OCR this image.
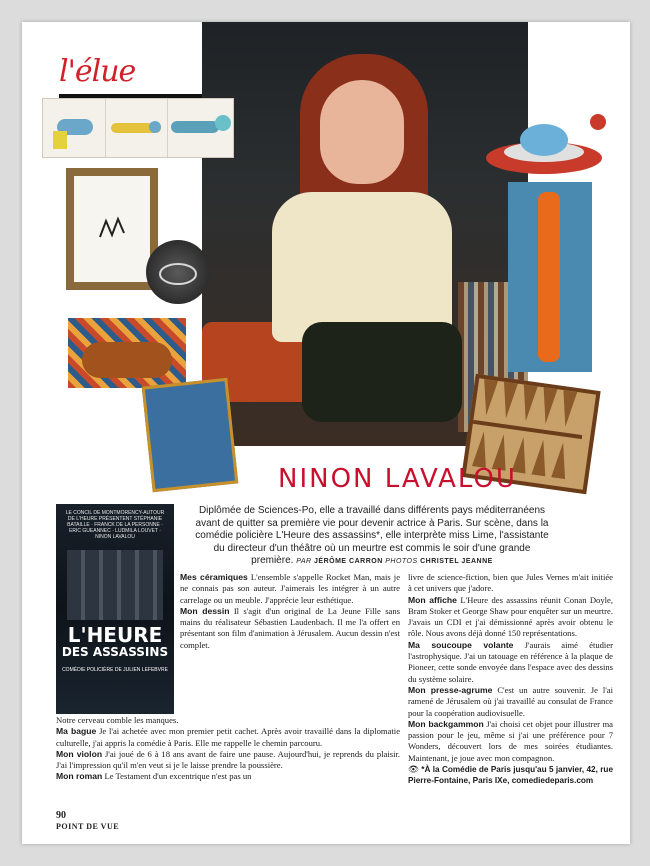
l'élue
NINON LAVALOU
Diplômée de Sciences-Po, elle a travaillé dans différents pays méditerranéens avant de quitter sa première vie pour devenir actrice à Paris. Sur scène, dans la comédie policière L'Heure des assassins*, elle interprète miss Lime, l'assistante du directeur d'un théâtre où un meurtre est commis le soir d'une grande première. PAR JÉRÔME CARRON PHOTOS CHRISTEL JEANNE
LE CONCIL DE MONTMORENCY-AUTOUR DE L'HEURE PRÉSENTENT STÉPHANIE BATAILLE · FRANCK DE LA PERSONNE · ERIC GUEANNEC · LUDMILA LOUVET · NINON LAVALOU
L'HEURE
DES ASSASSINS
COMÉDIE POLICIÈRE DE JULIEN LEFEBVRE

Mes céramiques L'ensemble s'appelle Rocket Man, mais je ne connais pas son auteur. J'aimerais les intégrer à un autre carrelage ou un meuble. J'apprécie leur esthétique.

Mon dessin Il s'agit d'un original de La Jeune Fille sans mains du réalisateur Sébastien Laudenbach. Il me l'a offert en présentant son film d'animation à Jérusalem. Aucun dessin n'est complet.

Notre cerveau comble les manques.

Ma bague Je l'ai achetée avec mon premier petit cachet. Après avoir travaillé dans la diplomatie culturelle, j'ai appris la comédie à Paris. Elle me rappelle le chemin parcouru.

Mon violon J'ai joué de 6 à 18 ans avant de faire une pause. Aujourd'hui, je reprends du plaisir. J'ai l'impression qu'il m'en veut si je le laisse prendre la poussière.

Mon roman Le Testament d'un excentrique n'est pas un

livre de science-fiction, bien que Jules Vernes m'ait initiée à cet univers que j'adore.

Mon affiche L'Heure des assassins réunit Conan Doyle, Bram Stoker et George Shaw pour enquêter sur un meurtre. J'avais un CDI et j'ai démissionné après avoir obtenu le rôle. Nous avons déjà donné 150 représentations.

Ma soucoupe volante J'aurais aimé étudier l'astrophysique. J'ai un tatouage en référence à la plaque de Pioneer, cette sonde envoyée dans l'espace avec des dessins du système solaire.

Mon presse-agrume C'est un autre souvenir. Je l'ai ramené de Jérusalem où j'ai travaillé au consulat de France pour la coopération audiovisuelle.

Mon backgammon J'ai choisi cet objet pour illustrer ma passion pour le jeu, même si j'ai une préférence pour 7 Wonders, découvert lors de mes soirées étudiantes. Maintenant, je joue avec mon compagnon.

👁 *À la Comédie de Paris jusqu'au 5 janvier, 42, rue Pierre-Fontaine, Paris IXe, comediedeparis.com

90
POINT DE VUE
